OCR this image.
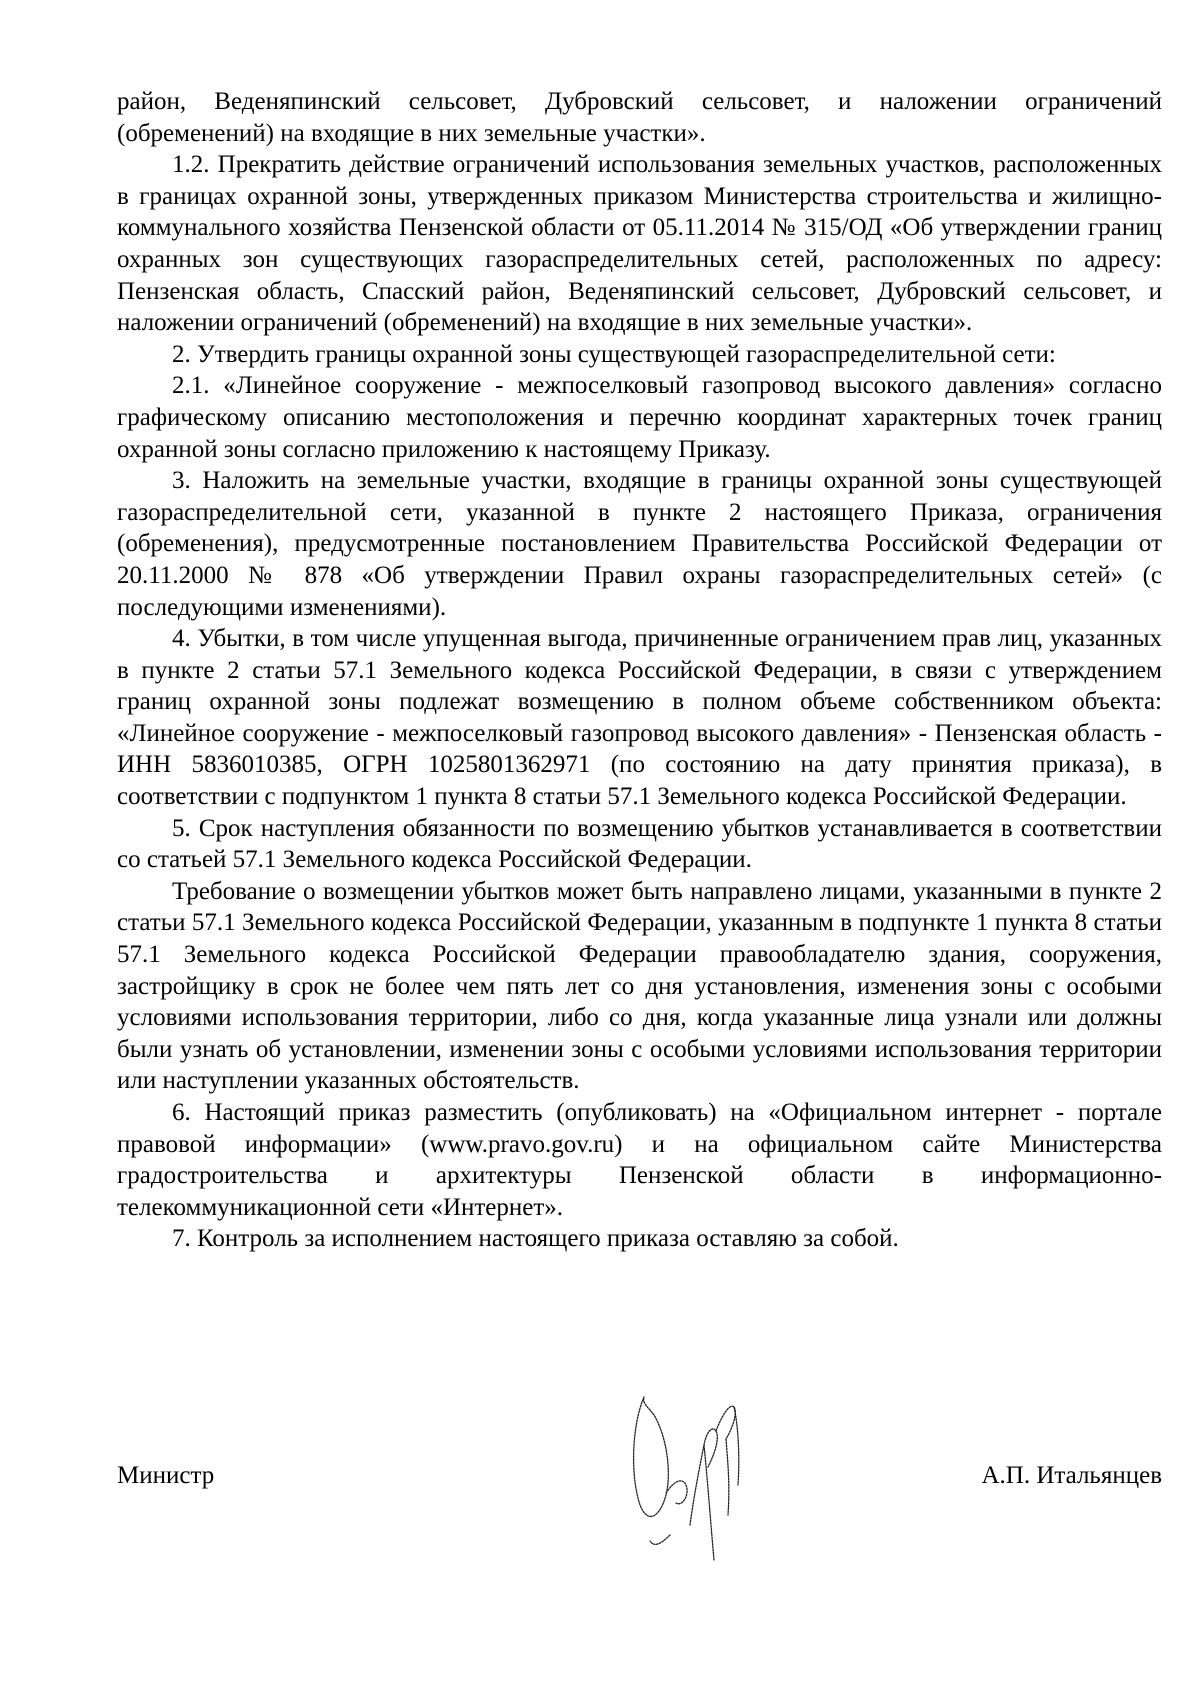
район, Веденяпинский сельсовет, Дубровский сельсовет, и наложении ограничений (обременений) на входящие в них земельные участки».

1.2. Прекратить действие ограничений использования земельных участков, расположенных в границах охранной зоны, утвержденных приказом Министерства строительства и жилищно-коммунального хозяйства Пензенской области от 05.11.2014 № 315/ОД «Об утверждении границ охранных зон существующих газораспределительных сетей, расположенных по адресу: Пензенская область, Спасский район, Веденяпинский сельсовет, Дубровский сельсовет, и наложении ограничений (обременений) на входящие в них земельные участки».

2. Утвердить границы охранной зоны существующей газораспределительной сети:

2.1. «Линейное сооружение - межпоселковый газопровод высокого давления» согласно графическому описанию местоположения и перечню координат характерных точек границ охранной зоны согласно приложению к настоящему Приказу.

3. Наложить на земельные участки, входящие в границы охранной зоны существующей газораспределительной сети, указанной в пункте 2 настоящего Приказа, ограничения (обременения), предусмотренные постановлением Правительства Российской Федерации от 20.11.2000 № 878 «Об утверждении Правил охраны газораспределительных сетей» (с последующими изменениями).

4. Убытки, в том числе упущенная выгода, причиненные ограничением прав лиц, указанных в пункте 2 статьи 57.1 Земельного кодекса Российской Федерации, в связи с утверждением границ охранной зоны подлежат возмещению в полном объеме собственником объекта: «Линейное сооружение - межпоселковый газопровод высокого давления» - Пензенская область - ИНН 5836010385, ОГРН 1025801362971 (по состоянию на дату принятия приказа), в соответствии с подпунктом 1 пункта 8 статьи 57.1 Земельного кодекса Российской Федерации.

5. Срок наступления обязанности по возмещению убытков устанавливается в соответствии со статьей 57.1 Земельного кодекса Российской Федерации.

Требование о возмещении убытков может быть направлено лицами, указанными в пункте 2 статьи 57.1 Земельного кодекса Российской Федерации, указанным в подпункте 1 пункта 8 статьи 57.1 Земельного кодекса Российской Федерации правообладателю здания, сооружения, застройщику в срок не более чем пять лет со дня установления, изменения зоны с особыми условиями использования территории, либо со дня, когда указанные лица узнали или должны были узнать об установлении, изменении зоны с особыми условиями использования территории или наступлении указанных обстоятельств.

6. Настоящий приказ разместить (опубликовать) на «Официальном интернет - портале правовой информации» (www.pravo.gov.ru) и на официальном сайте Министерства градостроительства и архитектуры Пензенской области в информационно-телекоммуникационной сети «Интернет».

7. Контроль за исполнением настоящего приказа оставляю за собой.

Министр	А.П. Итальянцев
